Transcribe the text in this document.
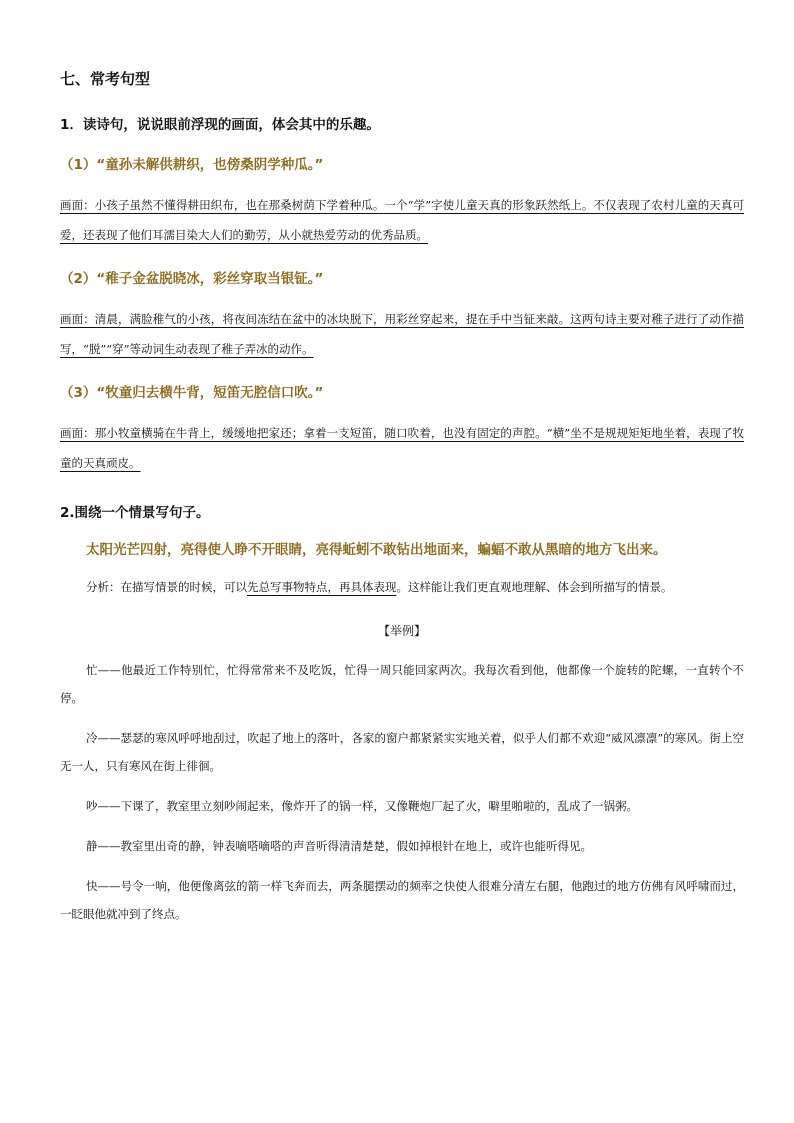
七、常考句型
1．读诗句，说说眼前浮现的画面，体会其中的乐趣。
（1）“童孙未解供耕织，也傍桑阴学种瓜。”
画面：小孩子虽然不懂得耕田织布，也在那桑树荫下学着种瓜。一个“学”字使儿童天真的形象跃然纸上。不仅表现了农村儿童的天真可爱，还表现了他们耳濡目染大人们的勤劳，从小就热爱劳动的优秀品质。
（2）“稚子金盆脱晓冰，彩丝穿取当银钲。”
画面：清晨，满脸稚气的小孩，将夜间冻结在盆中的冰块脱下，用彩丝穿起来，提在手中当钲来敲。这两句诗主要对稚子进行了动作描写，“脱”“穿”等动词生动表现了稚子弄冰的动作。
（3）“牧童归去横牛背，短笛无腔信口吹。”
画面：那小牧童横骑在牛背上，缓缓地把家还；拿着一支短笛，随口吹着，也没有固定的声腔。“横”坐不是规规矩矩地坐着，表现了牧童的天真顽皮。
2.围绕一个情景写句子。
太阳光芒四射，亮得使人睁不开眼睛，亮得蚯蚓不敢钻出地面来，蝙蝠不敢从黑暗的地方飞出来。
分析：在描写情景的时候，可以先总写事物特点，再具体表现。这样能让我们更直观地理解、体会到所描写的情景。
【举例】
忙——他最近工作特别忙，忙得常常来不及吃饭，忙得一周只能回家两次。我每次看到他，他都像一个旋转的陀螺，一直转个不停。
冷——瑟瑟的寒风呼呼地刮过，吹起了地上的落叶，各家的窗户都紧紧实实地关着，似乎人们都不欢迎“威风凛凛”的寒风。街上空无一人，只有寒风在街上徘徊。
吵——下课了，教室里立刻吵闹起来，像炸开了的锅一样，又像鞭炮厂起了火，噼里啪啦的，乱成了一锅粥。
静——教室里出奇的静，钟表嘀嗒嘀嗒的声音听得清清楚楚，假如掉根针在地上，或许也能听得见。
快——号令一响，他便像离弦的箭一样飞奔而去，两条腿摆动的频率之快使人很难分清左右腿，他跑过的地方仿佛有风呼啸而过，一眨眼他就冲到了终点。
